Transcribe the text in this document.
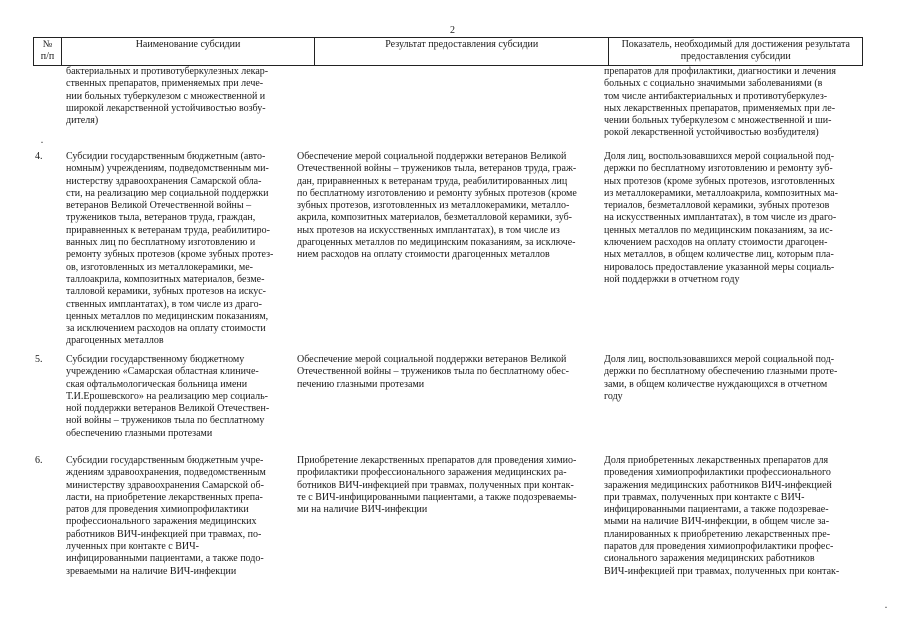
2
№
п/п
Наименование субсидии	Результат предоставления субсидии	Показатель, необходимый для достижения результата предоставления субсидии

бактериальных и противотуберкулезных лекар-
ственных препаратов, применяемых при лече-
нии больных туберкулезом с множественной и
широкой лекарственной устойчивостью возбу-
дителя)

препаратов для профилактики, диагностики и лечения
больных с социально значимыми заболеваниями (в
том числе антибактериальных и противотуберкулез-
ных лекарственных препаратов, применяемых при ле-
чении больных туберкулезом с множественной и ши-
рокой лекарственной устойчивостью возбудителя)

4. Субсидии государственным бюджетным (авто-
номным) учреждениям, подведомственным ми-
нистерству здравоохранения Самарской обла-
сти, на реализацию мер социальной поддержки
ветеранов Великой Отечественной войны –
тружеников тыла, ветеранов труда, граждан,
приравненных к ветеранам труда, реабилитиро-
ванных лиц по бесплатному изготовлению и
ремонту зубных протезов (кроме зубных протез-
ов, изготовленных из металлокерамики, ме-
таллоакрила, композитных материалов, безме-
талловой керамики, зубных протезов на искус-
ственных имплантатах), в том числе из драго-
ценных металлов по медицинским показаниям,
за исключением расходов на оплату стоимости
драгоценных металлов

Обеспечение мерой социальной поддержки ветеранов Великой
Отечественной войны – тружеников тыла, ветеранов труда, граж-
дан, приравненных к ветеранам труда, реабилитированных лиц
по бесплатному изготовлению и ремонту зубных протезов (кроме
зубных протезов, изготовленных из металлокерамики, металло-
акрила, композитных материалов, безметалловой керамики, зуб-
ных протезов на искусственных имплантатах), в том числе из
драгоценных металлов по медицинским показаниям, за исключе-
нием расходов на оплату стоимости драгоценных металлов

Доля лиц, воспользовавшихся мерой социальной под-
держки по бесплатному изготовлению и ремонту зуб-
ных протезов (кроме зубных протезов, изготовленных
из металлокерамики, металлоакрила, композитных ма-
териалов, безметалловой керамики, зубных протезов
на искусственных имплантатах), в том числе из драго-
ценных металлов по медицинским показаниям, за ис-
ключением расходов на оплату стоимости драгоцен-
ных металлов, в общем количестве лиц, которым пла-
нировалось предоставление указанной меры социаль-
ной поддержки в отчетном году

5. Субсидии государственному бюджетному
учреждению «Самарская областная клиниче-
ская офтальмологическая больница имени
Т.И.Ерошевского» на реализацию мер социаль-
ной поддержки ветеранов Великой Отечествен-
ной войны – тружеников тыла по бесплатному
обеспечению глазными протезами

Обеспечение мерой социальной поддержки ветеранов Великой
Отечественной войны – тружеников тыла по бесплатному обес-
печению глазными протезами

Доля лиц, воспользовавшихся мерой социальной под-
держки по бесплатному обеспечению глазными проте-
зами, в общем количестве нуждающихся в отчетном
году

6. Субсидии государственным бюджетным учре-
ждениям здравоохранения, подведомственным
министерству здравоохранения Самарской об-
ласти, на приобретение лекарственных препа-
ратов для проведения химиопрофилактики
профессионального заражения медицинских
работников ВИЧ-инфекцией при травмах, по-
лученных при контакте с ВИЧ-
инфицированными пациентами, а также подо-
зреваемыми на наличие ВИЧ-инфекции

Приобретение лекарственных препаратов для проведения химио-
профилактики профессионального заражения медицинских ра-
ботников ВИЧ-инфекцией при травмах, полученных при контак-
те с ВИЧ-инфицированными пациентами, а также подозреваемы-
ми на наличие ВИЧ-инфекции

Доля приобретенных лекарственных препаратов для
проведения химиопрофилактики профессионального
заражения медицинских работников ВИЧ-инфекцией
при травмах, полученных при контакте с ВИЧ-
инфицированными пациентами, а также подозревае-
мыми на наличие ВИЧ-инфекции, в общем числе за-
планированных к приобретению лекарственных пре-
паратов для проведения химиопрофилактики профес-
сионального заражения медицинских работников
ВИЧ-инфекцией при травмах, полученных при контак-

·
·
